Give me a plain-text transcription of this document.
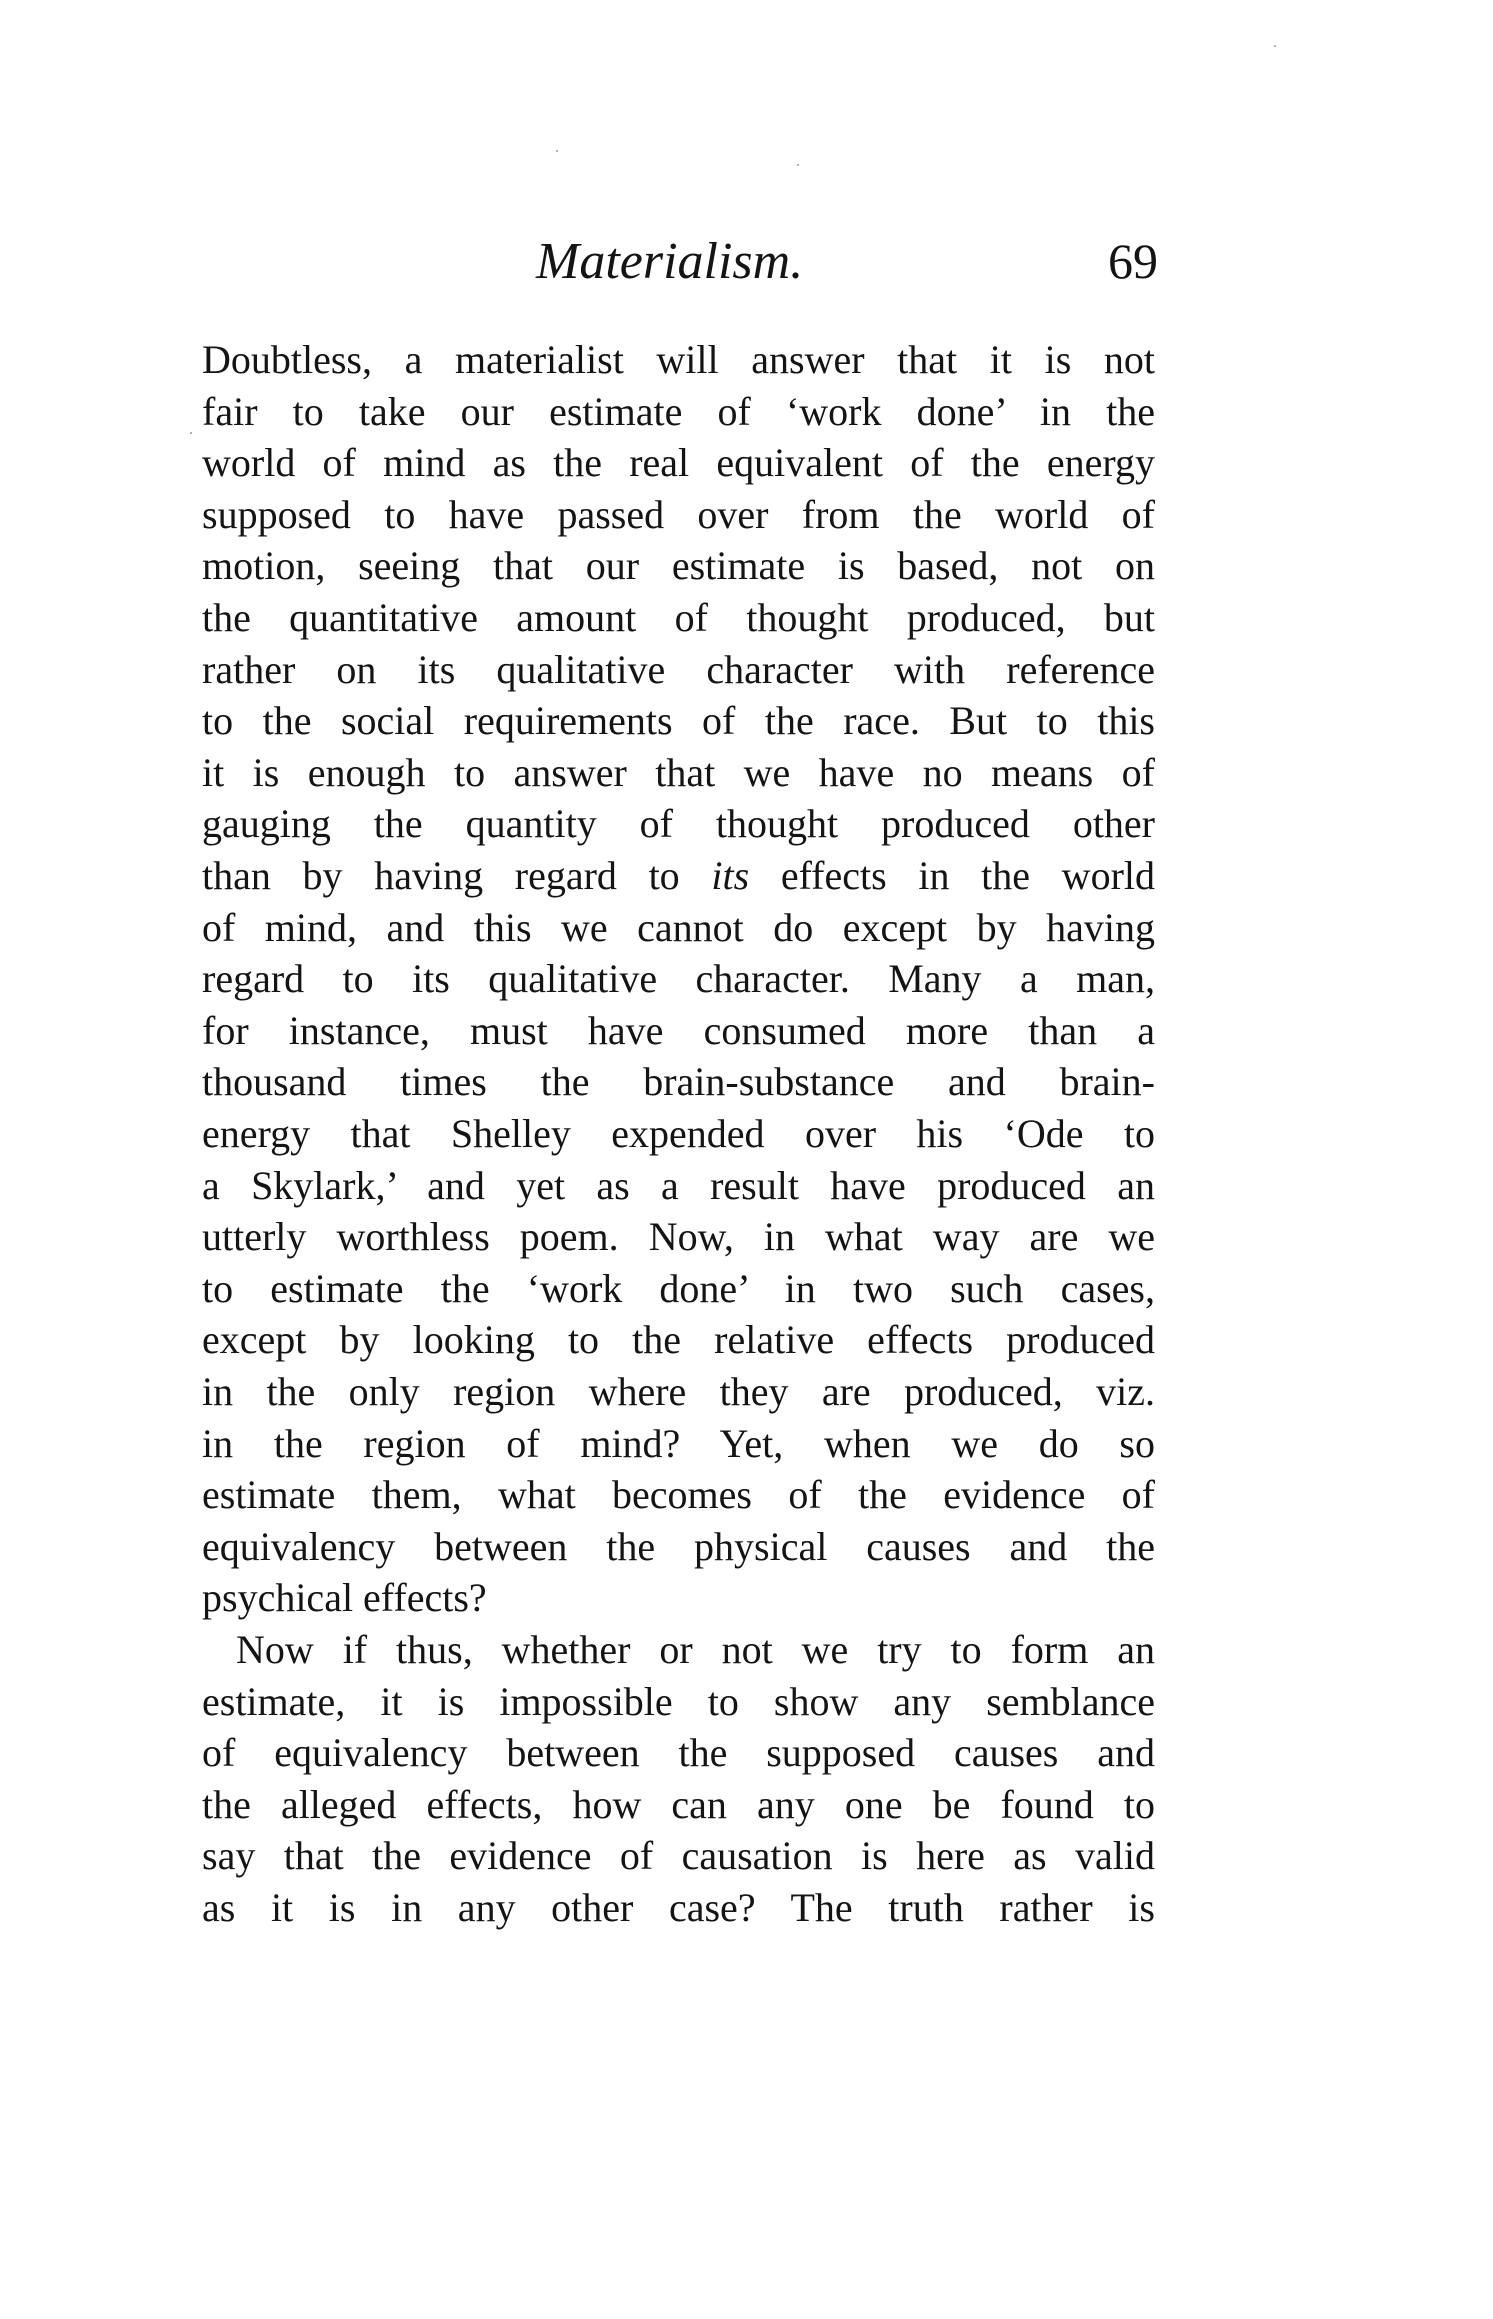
Materialism.	69
Doubtless, a materialist will answer that it is not
fair to take our estimate of ‘work done’ in the
world of mind as the real equivalent of the energy
supposed to have passed over from the world of
motion, seeing that our estimate is based, not on
the quantitative amount of thought produced, but
rather on its qualitative character with reference
to the social requirements of the race. But to this
it is enough to answer that we have no means of
gauging the quantity of thought produced other
than by having regard to its effects in the world
of mind, and this we cannot do except by having
regard to its qualitative character. Many a man,
for instance, must have consumed more than a
thousand times the brain-substance and brain-
energy that Shelley expended over his ‘Ode to
a Skylark,’ and yet as a result have produced an
utterly worthless poem. Now, in what way are we
to estimate the ‘work done’ in two such cases,
except by looking to the relative effects produced
in the only region where they are produced, viz.
in the region of mind? Yet, when we do so
estimate them, what becomes of the evidence of
equivalency between the physical causes and the
psychical effects?
Now if thus, whether or not we try to form an
estimate, it is impossible to show any semblance
of equivalency between the supposed causes and
the alleged effects, how can any one be found to
say that the evidence of causation is here as valid
as it is in any other case? The truth rather is
